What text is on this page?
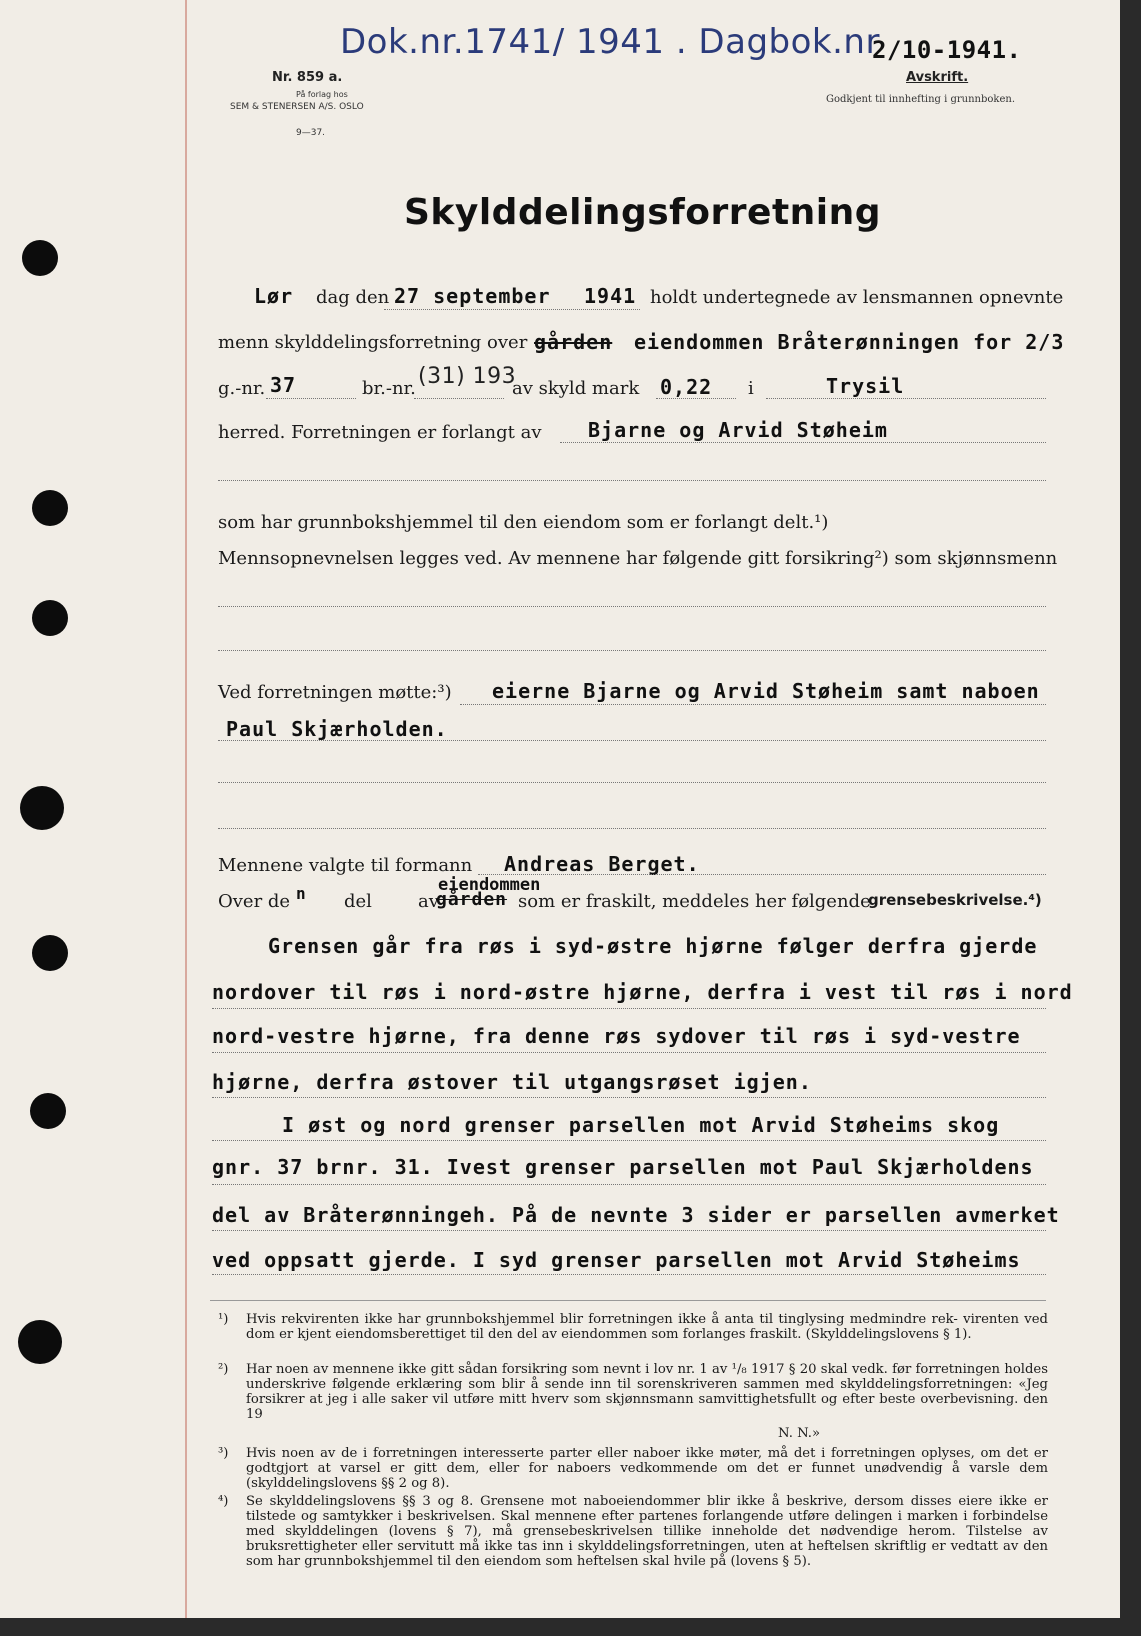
Dok.nr.1741/ 1941 . Dagbok.nr
2/10-1941.
Nr. 859 a.
På forlag hos
SEM & STENERSEN A/S. OSLO
9—37.
Avskrift.
Godkjent til innhefting i grunnboken.
Skylddelingsforretning
Lør dag den 27 september 1941 holdt undertegnede av lensmannen opnevnte
menn skylddelingsforretning over gården eiendommen Bråterønningen for 2/3
g.-nr. 37	br.-nr. (31) 193
av skyld mark 0,22 i	Trysil
herred. Forretningen er forlangt av Bjarne og Arvid Støheim
som har grunnbokshjemmel til den eiendom som er forlangt delt.¹)
Mennsopnevnelsen legges ved. Av mennene har følgende gitt forsikring²) som skjønnsmenn
Ved forretningen møtte:³) eierne Bjarne og Arvid Støheim samt naboen
Paul Skjærholden.
Mennene valgte til formann Andreas Berget.
Over de n del	av
eiendommen
gården som er fraskilt, meddeles her følgende
grensebeskrivelse.⁴)
Grensen går fra røs i syd-østre hjørne følger derfra gjerde
nordover til røs i nord-østre hjørne, derfra i vest til røs i nord
nord-vestre hjørne, fra denne røs sydover til røs i syd-vestre
hjørne, derfra østover til utgangsrøset igjen.
I øst og nord grenser parsellen mot Arvid Støheims skog
gnr. 37 brnr. 31. Ivest grenser parsellen mot Paul Skjærholdens
del av Bråterønningeh. På de nevnte 3 sider er parsellen avmerket
ved oppsatt gjerde. I syd grenser parsellen mot Arvid Støheims
¹) Hvis rekvirenten ikke har grunnbokshjemmel blir forretningen ikke å anta til tinglysing medmindre rek- virenten ved dom er kjent eiendomsberettiget til den del av eiendommen som forlanges fraskilt. (Skylddelingslovens § 1).
²) Har noen av mennene ikke gitt sådan forsikring som nevnt i lov nr. 1 av ¹/₈ 1917 § 20 skal vedk. før forretningen holdes underskrive følgende erklæring som blir å sende inn til sorenskriveren sammen med skylddelingsforretningen: «Jeg forsikrer at jeg i alle saker vil utføre mitt hverv som skjønnsmann samvittighetsfullt og efter beste overbevisning. den 19
N. N.»
³) Hvis noen av de i forretningen interesserte parter eller naboer ikke møter, må det i forretningen oplyses, om det er godtgjort at varsel er gitt dem, eller for naboers vedkommende om det er funnet unødvendig å varsle dem (skylddelingslovens §§ 2 og 8).
⁴) Se skylddelingslovens §§ 3 og 8. Grensene mot naboeiendommer blir ikke å beskrive, dersom disses eiere ikke er tilstede og samtykker i beskrivelsen. Skal mennene efter partenes forlangende utføre delingen i marken i forbindelse med skylddelingen (lovens § 7), må grensebeskrivelsen tillike inneholde det nødvendige herom. Tilstelse av bruksrettigheter eller servitutt må ikke tas inn i skylddelingsforretningen, uten at heftelsen skriftlig er vedtatt av den som har grunnbokshjemmel til den eiendom som heftelsen skal hvile på (lovens § 5).
